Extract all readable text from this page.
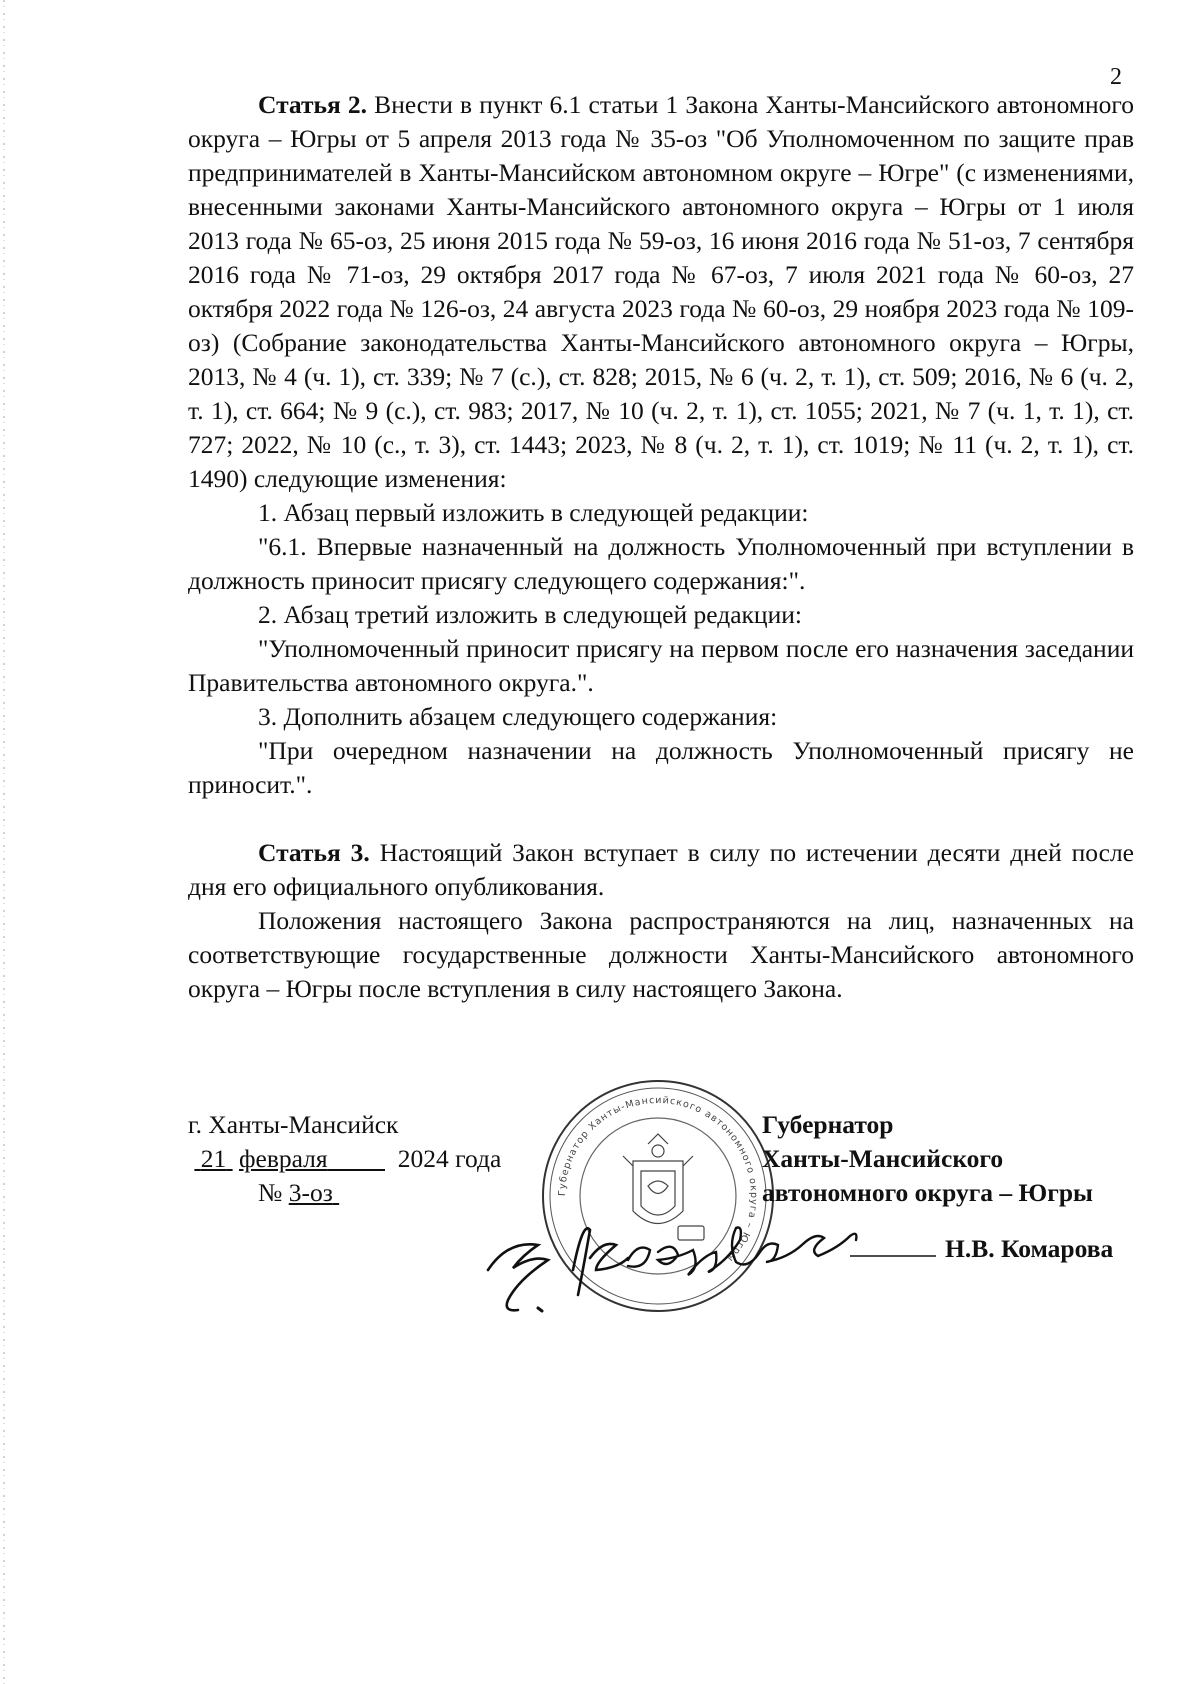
2

Статья 2. Внести в пункт 6.1 статьи 1 Закона Ханты-Мансийского автономного округа – Югры от 5 апреля 2013 года № 35-оз "Об Уполномоченном по защите прав предпринимателей в Ханты-Мансийском автономном округе – Югре" (с изменениями, внесенными законами Ханты-Мансийского автономного округа – Югры от 1 июля 2013 года № 65-оз, 25 июня 2015 года № 59-оз, 16 июня 2016 года № 51-оз, 7 сентября 2016 года № 71-оз, 29 октября 2017 года № 67-оз, 7 июля 2021 года № 60-оз, 27 октября 2022 года № 126-оз, 24 августа 2023 года № 60-оз, 29 ноября 2023 года № 109-оз) (Собрание законодательства Ханты-Мансийского автономного округа – Югры, 2013, № 4 (ч. 1), ст. 339; № 7 (с.), ст. 828; 2015, № 6 (ч. 2, т. 1), ст. 509; 2016, № 6 (ч. 2, т. 1), ст. 664; № 9 (с.), ст. 983; 2017, № 10 (ч. 2, т. 1), ст. 1055; 2021, № 7 (ч. 1, т. 1), ст. 727; 2022, № 10 (с., т. 3), ст. 1443; 2023, № 8 (ч. 2, т. 1), ст. 1019; № 11 (ч. 2, т. 1), ст. 1490) следующие изменения:

1. Абзац первый изложить в следующей редакции:

"6.1. Впервые назначенный на должность Уполномоченный при вступлении в должность приносит присягу следующего содержания:".

2. Абзац третий изложить в следующей редакции:

"Уполномоченный приносит присягу на первом после его назначения заседании Правительства автономного округа.".

3. Дополнить абзацем следующего содержания:

"При очередном назначении на должность Уполномоченный присягу не приносит.".

Статья 3. Настоящий Закон вступает в силу по истечении десяти дней после дня его официального опубликования.

Положения настоящего Закона распространяются на лиц, назначенных на соответствующие государственные должности Ханты-Мансийского автономного округа – Югры после вступления в силу настоящего Закона.

г. Ханты-Мансийск
21 февраля	2024 года
№ 3-оз	Губернатор Ханты-Мансийского автономного округа – Югры
Губернатор
Ханты-Мансийского
автономного округа – Югры
Н.В. Комарова
